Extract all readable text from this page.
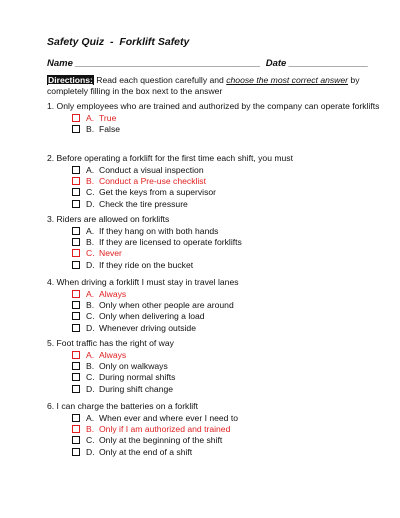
Safety Quiz  -  Forklift Safety
Name ___________________________________  Date _______________
Directions: Read each question carefully and choose the most correct answer by completely filling in the box next to the answer
1. Only employees who are trained and authorized by the company can operate forklifts
A. True
B. False
2. Before operating a forklift for the first time each shift, you must
A. Conduct a visual inspection
B. Conduct a Pre-use checklist
C. Get the keys from a supervisor
D. Check the tire pressure
3. Riders are allowed on forklifts
A. If they hang on with both hands
B. If they are licensed to operate forklifts
C. Never
D. If they ride on the bucket
4. When driving a forklift I must stay in travel lanes
A. Always
B. Only when other people are around
C. Only when delivering a load
D. Whenever driving outside
5. Foot traffic has the right of way
A. Always
B. Only on walkways
C. During normal shifts
D. During shift change
6. I can charge the batteries on a forklift
A. When ever and where ever I need to
B. Only if I am authorized and trained
C. Only at the beginning of the shift
D. Only at the end of a shift
